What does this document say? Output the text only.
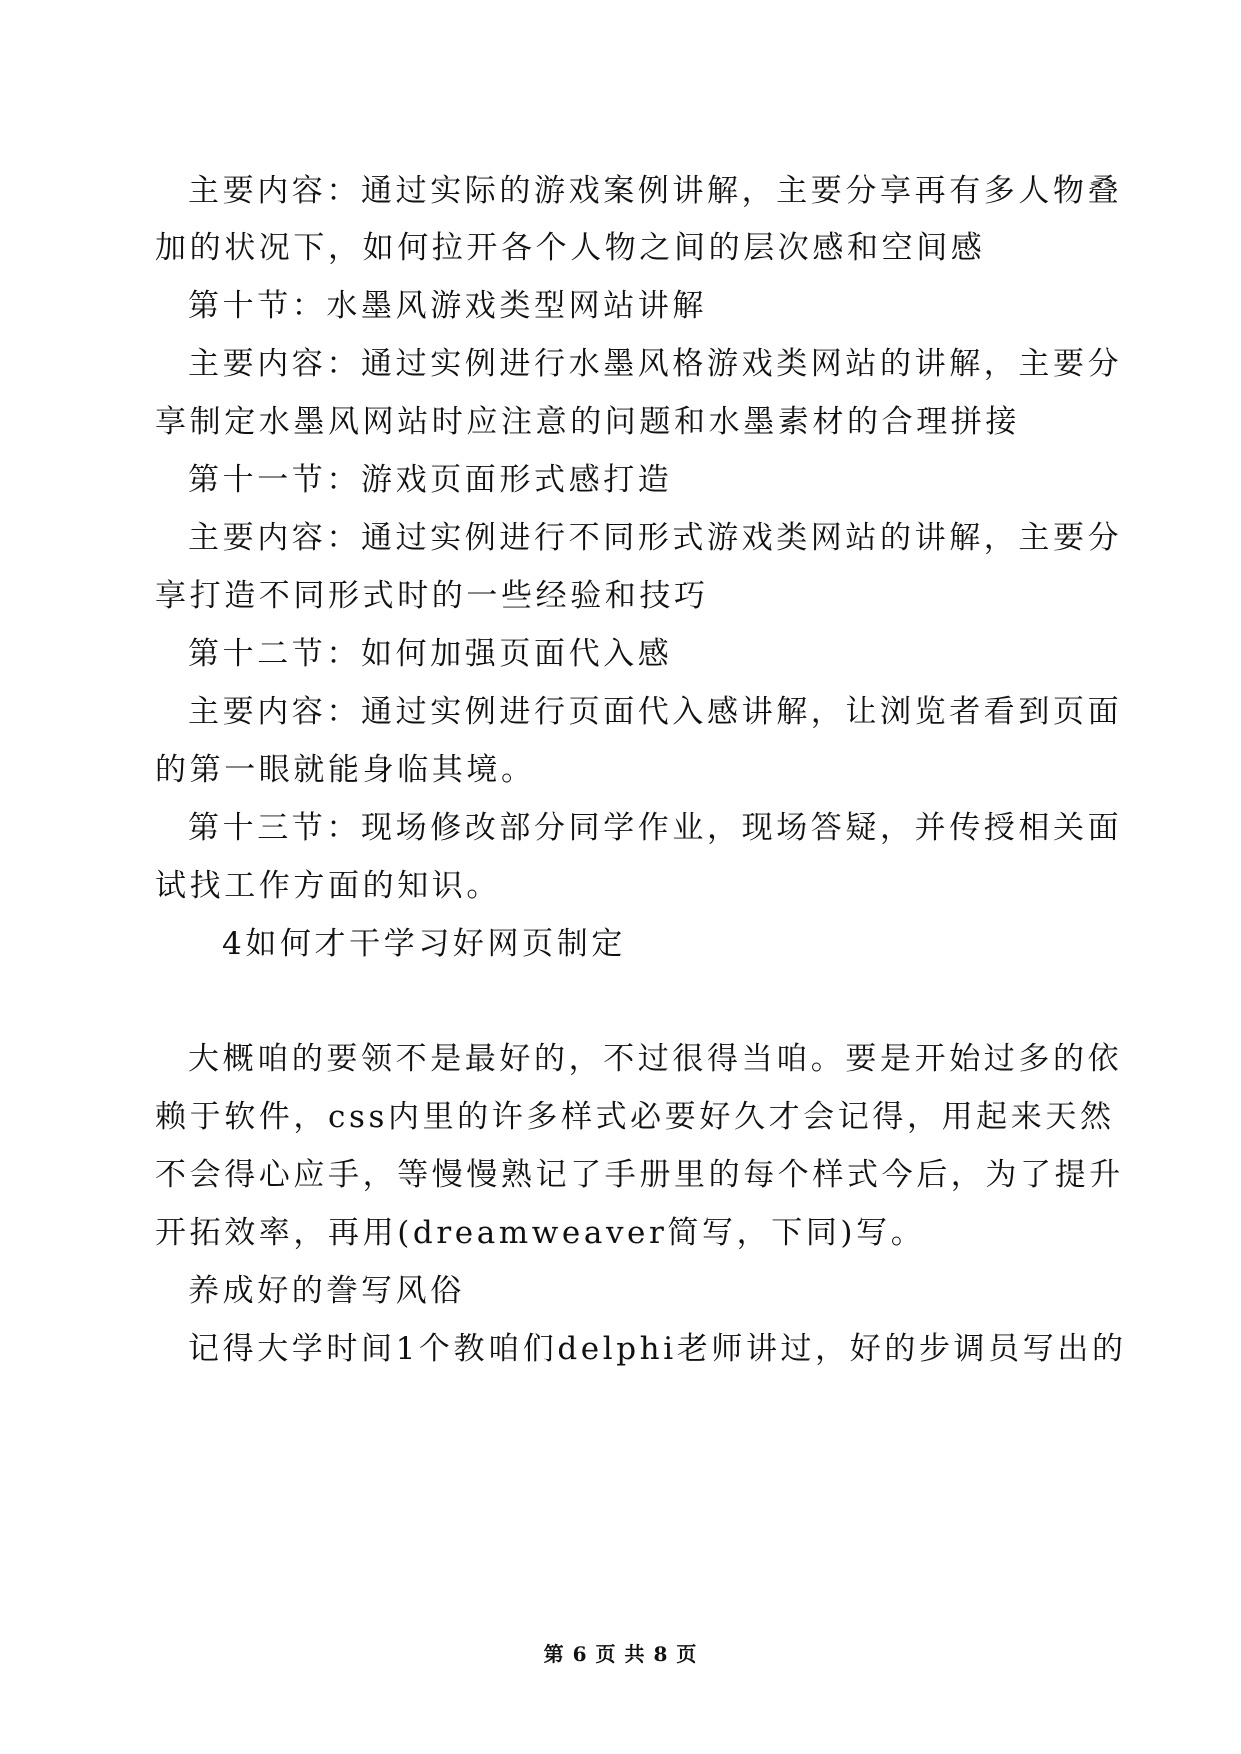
主要内容：通过实际的游戏案例讲解，主要分享再有多人物叠

加的状况下，如何拉开各个人物之间的层次感和空间感

第十节：水墨风游戏类型网站讲解

主要内容：通过实例进行水墨风格游戏类网站的讲解，主要分

享制定水墨风网站时应注意的问题和水墨素材的合理拼接

第十一节：游戏页面形式感打造

主要内容：通过实例进行不同形式游戏类网站的讲解，主要分

享打造不同形式时的一些经验和技巧

第十二节：如何加强页面代入感

主要内容：通过实例进行页面代入感讲解，让浏览者看到页面

的第一眼就能身临其境。

第十三节：现场修改部分同学作业，现场答疑，并传授相关面

试找工作方面的知识。

4如何才干学习好网页制定

大概咱的要领不是最好的，不过很得当咱。要是开始过多的依

赖于软件，css内里的许多样式必要好久才会记得，用起来天然

不会得心应手，等慢慢熟记了手册里的每个样式今后，为了提升

开拓效率，再用(dreamweaver简写，下同)写。

养成好的誊写风俗

记得大学时间1个教咱们delphi老师讲过，好的步调员写出的

第 6 页 共 8 页
